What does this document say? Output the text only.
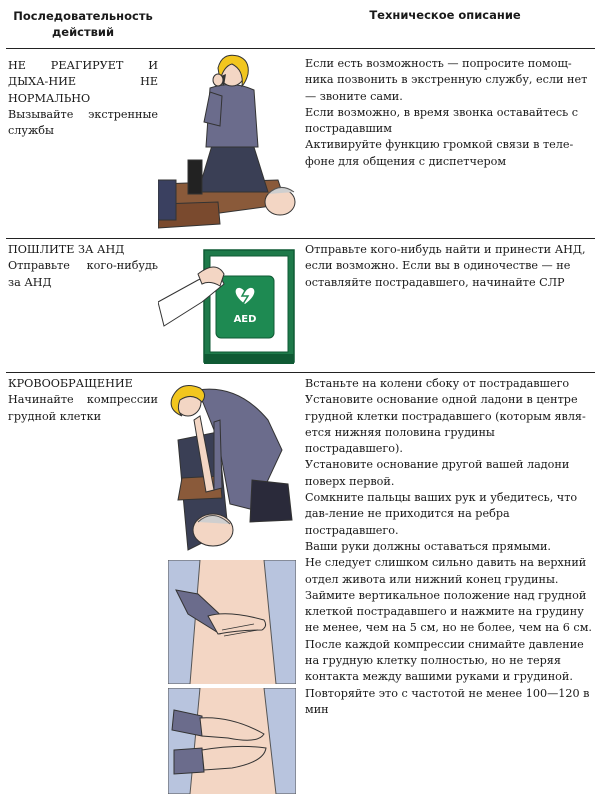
Последовательность действий
Техническое описание
НЕ РЕАГИРУЕТ И ДЫХА-НИЕ НЕ НОРМАЛЬНО
Вызывайте экстренные службы

Если есть возможность — попросите помощ-ника позвонить в экстренную службу, если нет — звоните сами.

Если возможно, в время звонка оставайтесь с пострадавшим

Активируйте функцию громкой связи в теле-фоне для общения с диспетчером

ПОШЛИТЕ ЗА АНД
Отправьте кого-нибудь за АНД
AED

Отправьте кого-нибудь найти и принести АНД, если возможно. Если вы в одиночестве — не оставляйте пострадавшего, начинайте СЛР

КРОВООБРАЩЕНИЕ
Начинайте компрессии грудной клетки

Встаньте на колени сбоку от пострадавшего

Установите основание одной ладони в центре грудной клетки пострадавшего (которым явля-ется нижняя половина грудины пострадавшего).

Установите основание другой вашей ладони поверх первой.

Сомкните пальцы ваших рук и убедитесь, что дав-ление не приходится на ребра пострадавшего.

Ваши руки должны оставаться прямыми.

Не следует слишком сильно давить на верхний отдел живота или нижний конец грудины.

Займите вертикальное положение над грудной клеткой пострадавшего и нажмите на грудину не менее, чем на 5 см, но не более, чем на 6 см.

После каждой компрессии снимайте давление на грудную клетку полностью, но не теряя контакта между вашими руками и грудиной.

Повторяйте это с частотой не менее 100—120 в мин
